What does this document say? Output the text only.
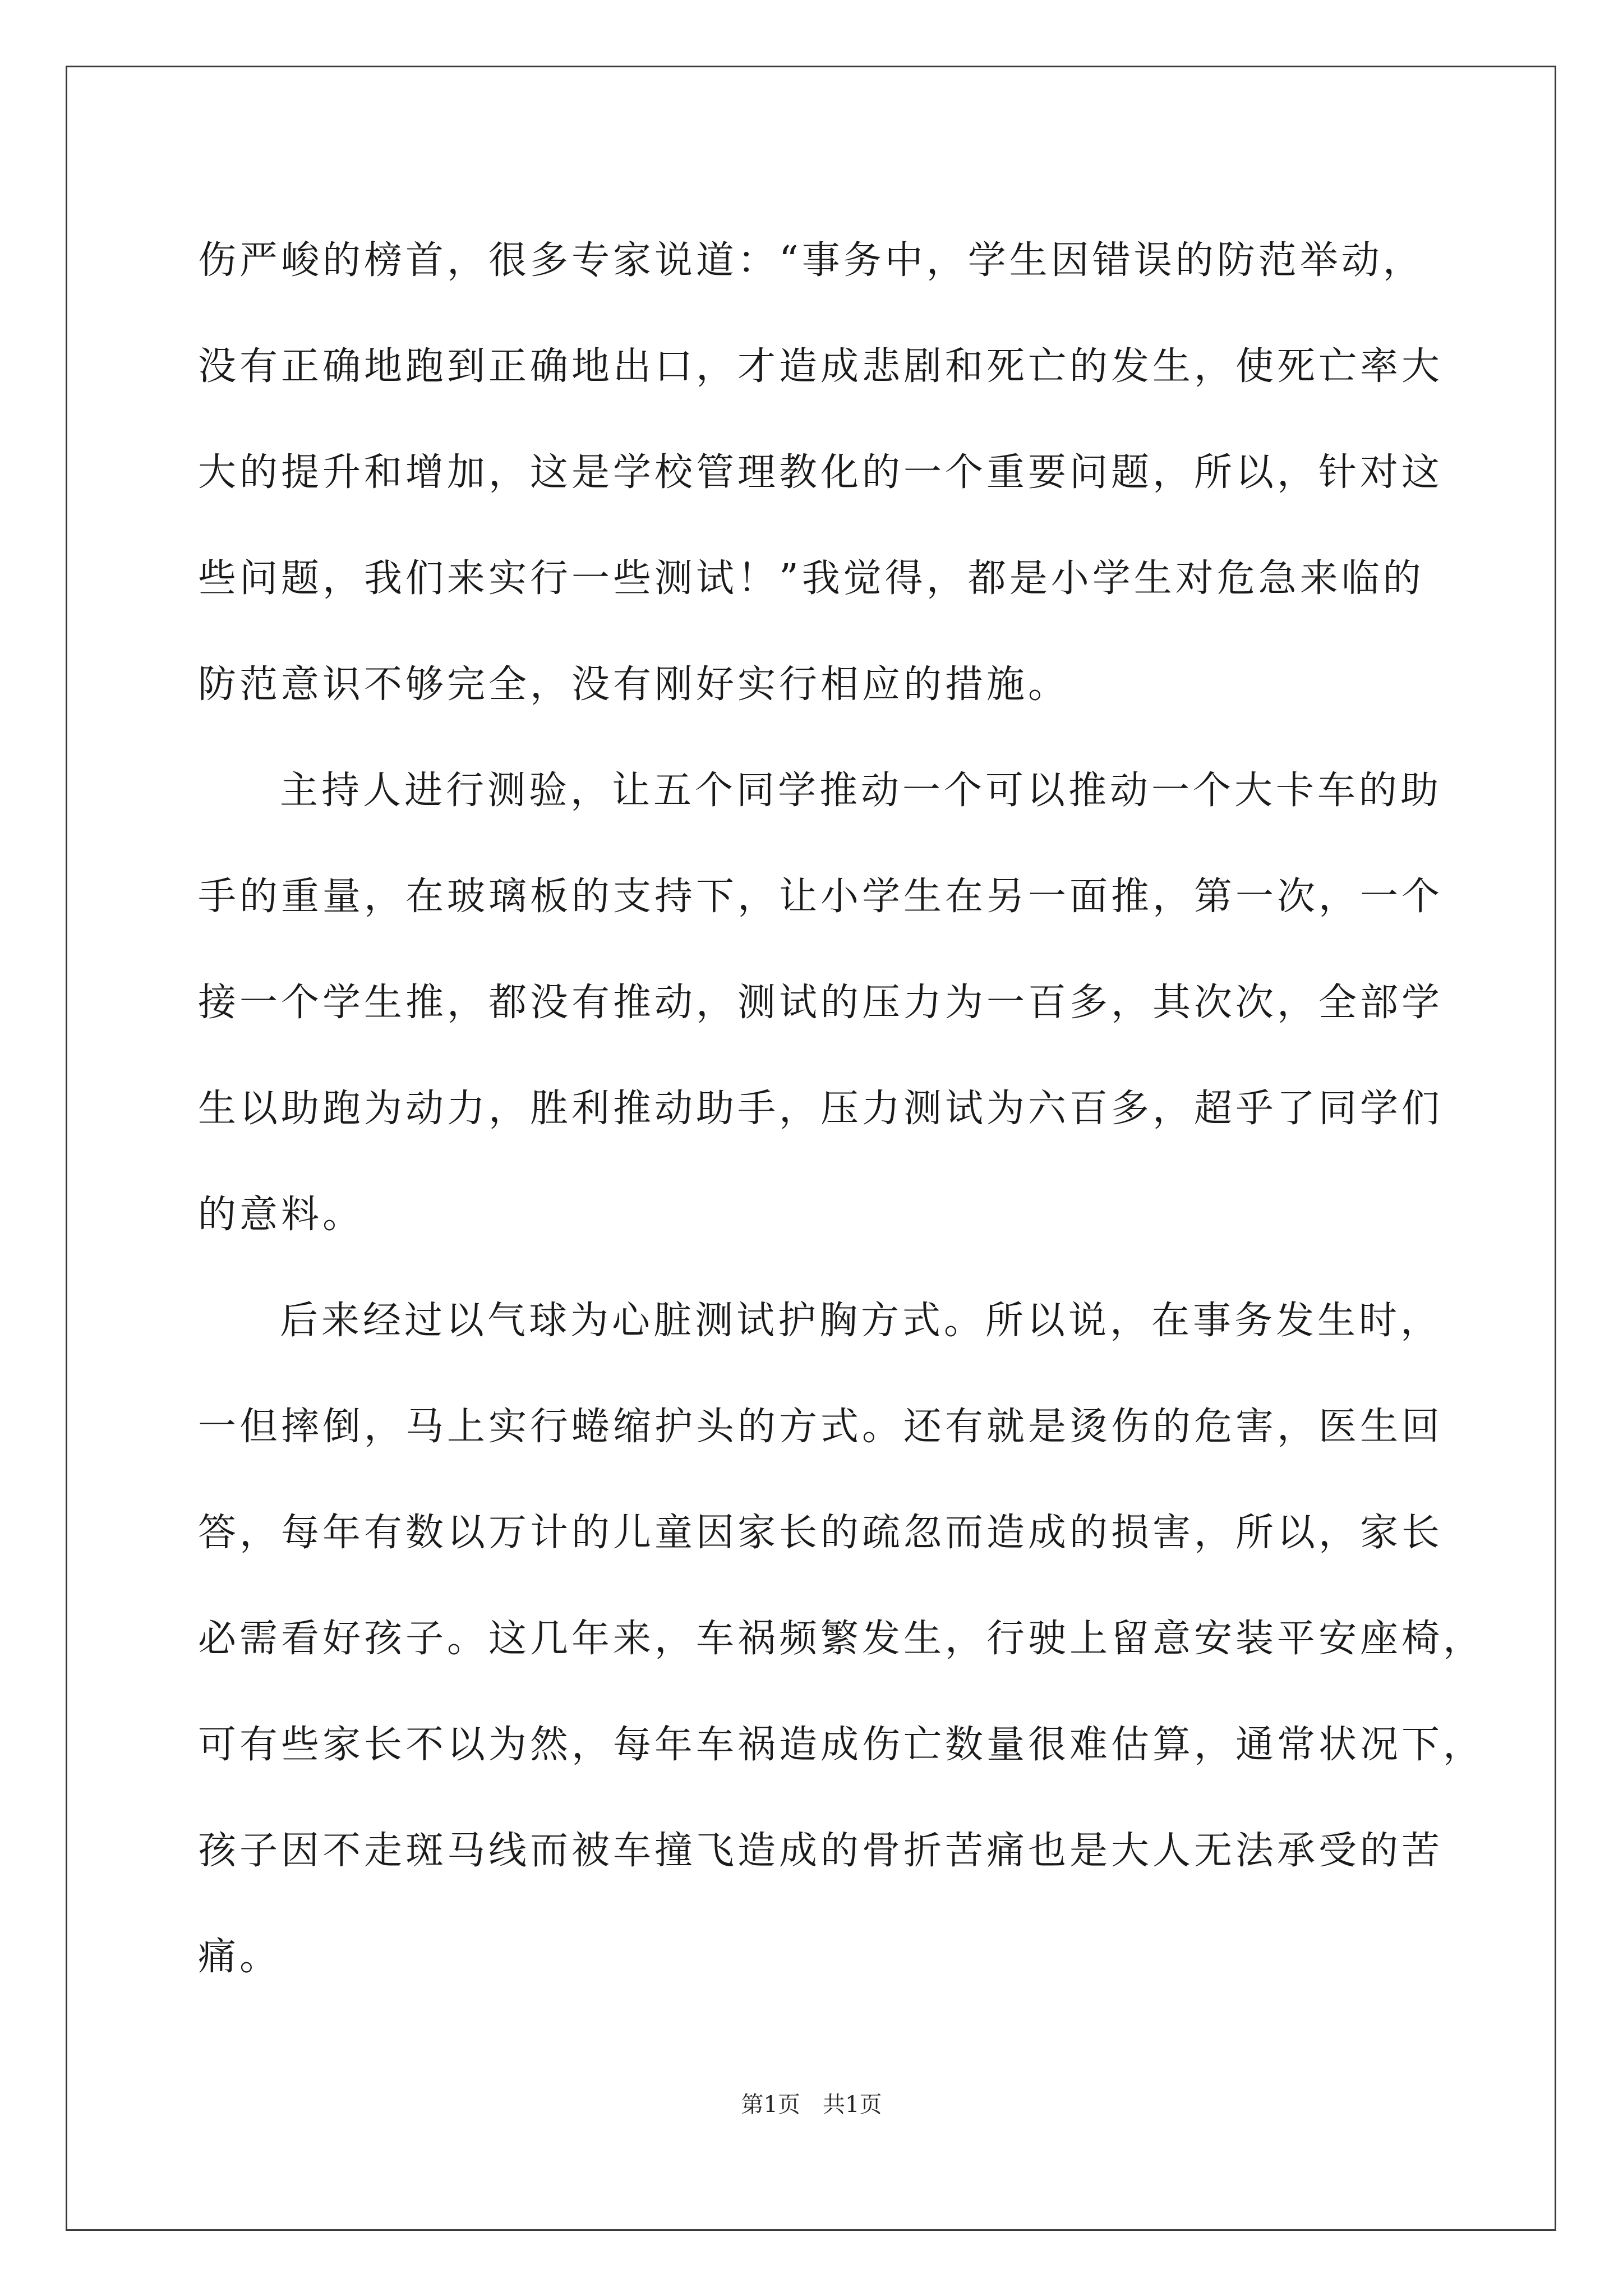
伤严峻的榜首，很多专家说道：“事务中，学生因错误的防范举动，
没有正确地跑到正确地出口，才造成悲剧和死亡的发生，使死亡率大
大的提升和增加，这是学校管理教化的一个重要问题，所以，针对这
些问题，我们来实行一些测试！”我觉得，都是小学生对危急来临的
防范意识不够完全，没有刚好实行相应的措施。
主持人进行测验，让五个同学推动一个可以推动一个大卡车的助
手的重量，在玻璃板的支持下，让小学生在另一面推，第一次，一个
接一个学生推，都没有推动，测试的压力为一百多，其次次，全部学
生以助跑为动力，胜利推动助手，压力测试为六百多，超乎了同学们
的意料。
后来经过以气球为心脏测试护胸方式。所以说，在事务发生时，
一但摔倒，马上实行蜷缩护头的方式。还有就是烫伤的危害，医生回
答，每年有数以万计的儿童因家长的疏忽而造成的损害，所以，家长
必需看好孩子。这几年来，车祸频繁发生，行驶上留意安装平安座椅，
可有些家长不以为然，每年车祸造成伤亡数量很难估算，通常状况下，
孩子因不走斑马线而被车撞飞造成的骨折苦痛也是大人无法承受的苦
痛。
第1页　共1页
